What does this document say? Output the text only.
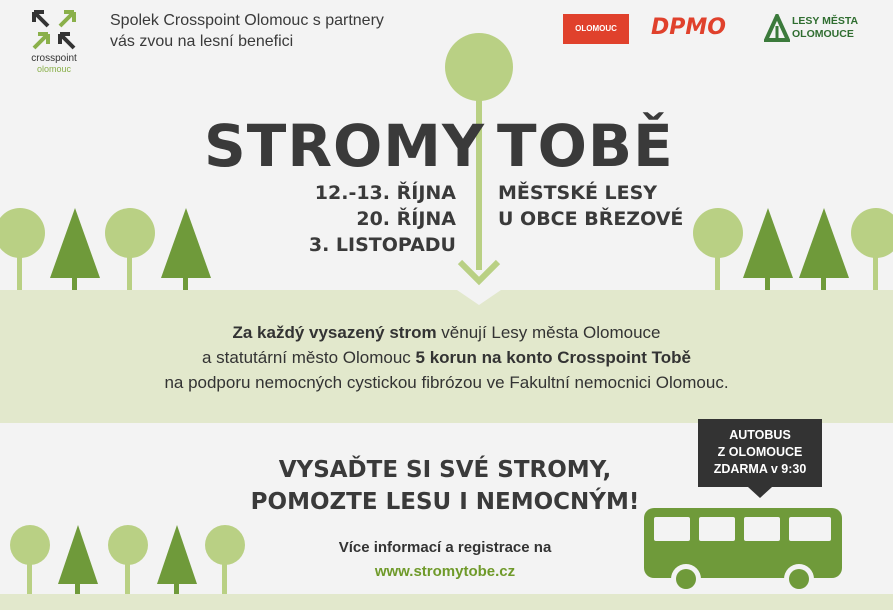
crosspoint
olomouc
Spolek Crosspoint Olomouc s partnery
vás zvou na lesní benefici
OLOMOUC	DPMO	LESY MĚSTA
OLOMOUCE
STROMY TOBĚ
12.-13. ŘÍJNA
20. ŘÍJNA
3. LISTOPADU
MĚSTSKÉ LESY
U OBCE BŘEZOVÉ
Za každý vysazený strom věnují Lesy města Olomouce
a statutární město Olomouc 5 korun na konto Crosspoint Tobě
na podporu nemocných cystickou fibrózou ve Fakultní nemocnici Olomouc.
VYSAĎTE SI SVÉ STROMY,
POMOZTE LESU I NEMOCNÝM!
Více informací a registrace na
www.stromytobe.cz
AUTOBUS
Z OLOMOUCE
ZDARMA v 9:30
